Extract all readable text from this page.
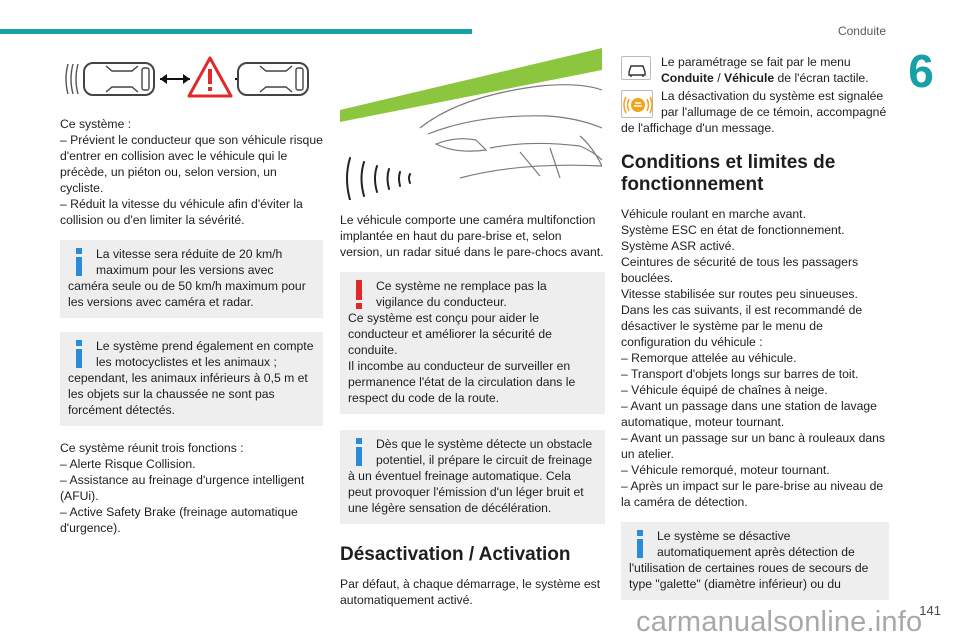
Conduite
6

Ce système :

– Prévient le conducteur que son véhicule risque d'entrer en collision avec le véhicule qui le précède, un piéton ou, selon version, un cycliste.

– Réduit la vitesse du véhicule afin d'éviter la collision ou d'en limiter la sévérité.

La vitesse sera réduite de 20 km/h maximum pour les versions avec caméra seule ou de 50 km/h maximum pour les versions avec caméra et radar.
Le système prend également en compte les motocyclistes et les animaux ; cependant, les animaux inférieurs à 0,5 m et les objets sur la chaussée ne sont pas forcément détectés.

Ce système réunit trois fonctions :

– Alerte Risque Collision.

– Assistance au freinage d'urgence intelligent (AFUi).

– Active Safety Brake (freinage automatique d'urgence).

Le véhicule comporte une caméra multifonction implantée en haut du pare-brise et, selon version, un radar situé dans le pare-chocs avant.

Ce système ne remplace pas la vigilance du conducteur.
Ce système est conçu pour aider le conducteur et améliorer la sécurité de conduite.
Il incombe au conducteur de surveiller en permanence l'état de la circulation dans le respect du code de la route.
Dès que le système détecte un obstacle potentiel, il prépare le circuit de freinage à un éventuel freinage automatique. Cela peut provoquer l'émission d'un léger bruit et une légère sensation de décélération.
Désactivation / Activation

Par défaut, à chaque démarrage, le système est automatiquement activé.

Le paramétrage se fait par le menu Conduite / Véhicule de l'écran tactile.
La désactivation du système est signalée par l'allumage de ce témoin, accompagné de l'affichage d'un message.
Conditions et limites de fonctionnement

Véhicule roulant en marche avant.

Système ESC en état de fonctionnement.

Système ASR activé.

Ceintures de sécurité de tous les passagers bouclées.

Vitesse stabilisée sur routes peu sinueuses.

Dans les cas suivants, il est recommandé de désactiver le système par le menu de configuration du véhicule :

– Remorque attelée au véhicule.

– Transport d'objets longs sur barres de toit.

– Véhicule équipé de chaînes à neige.

– Avant un passage dans une station de lavage automatique, moteur tournant.

– Avant un passage sur un banc à rouleaux dans un atelier.

– Véhicule remorqué, moteur tournant.

– Après un impact sur le pare-brise au niveau de la caméra de détection.

Le système se désactive automatiquement après détection de l'utilisation de certaines roues de secours de type "galette" (diamètre inférieur) ou du
141
carmanualsonline.info
